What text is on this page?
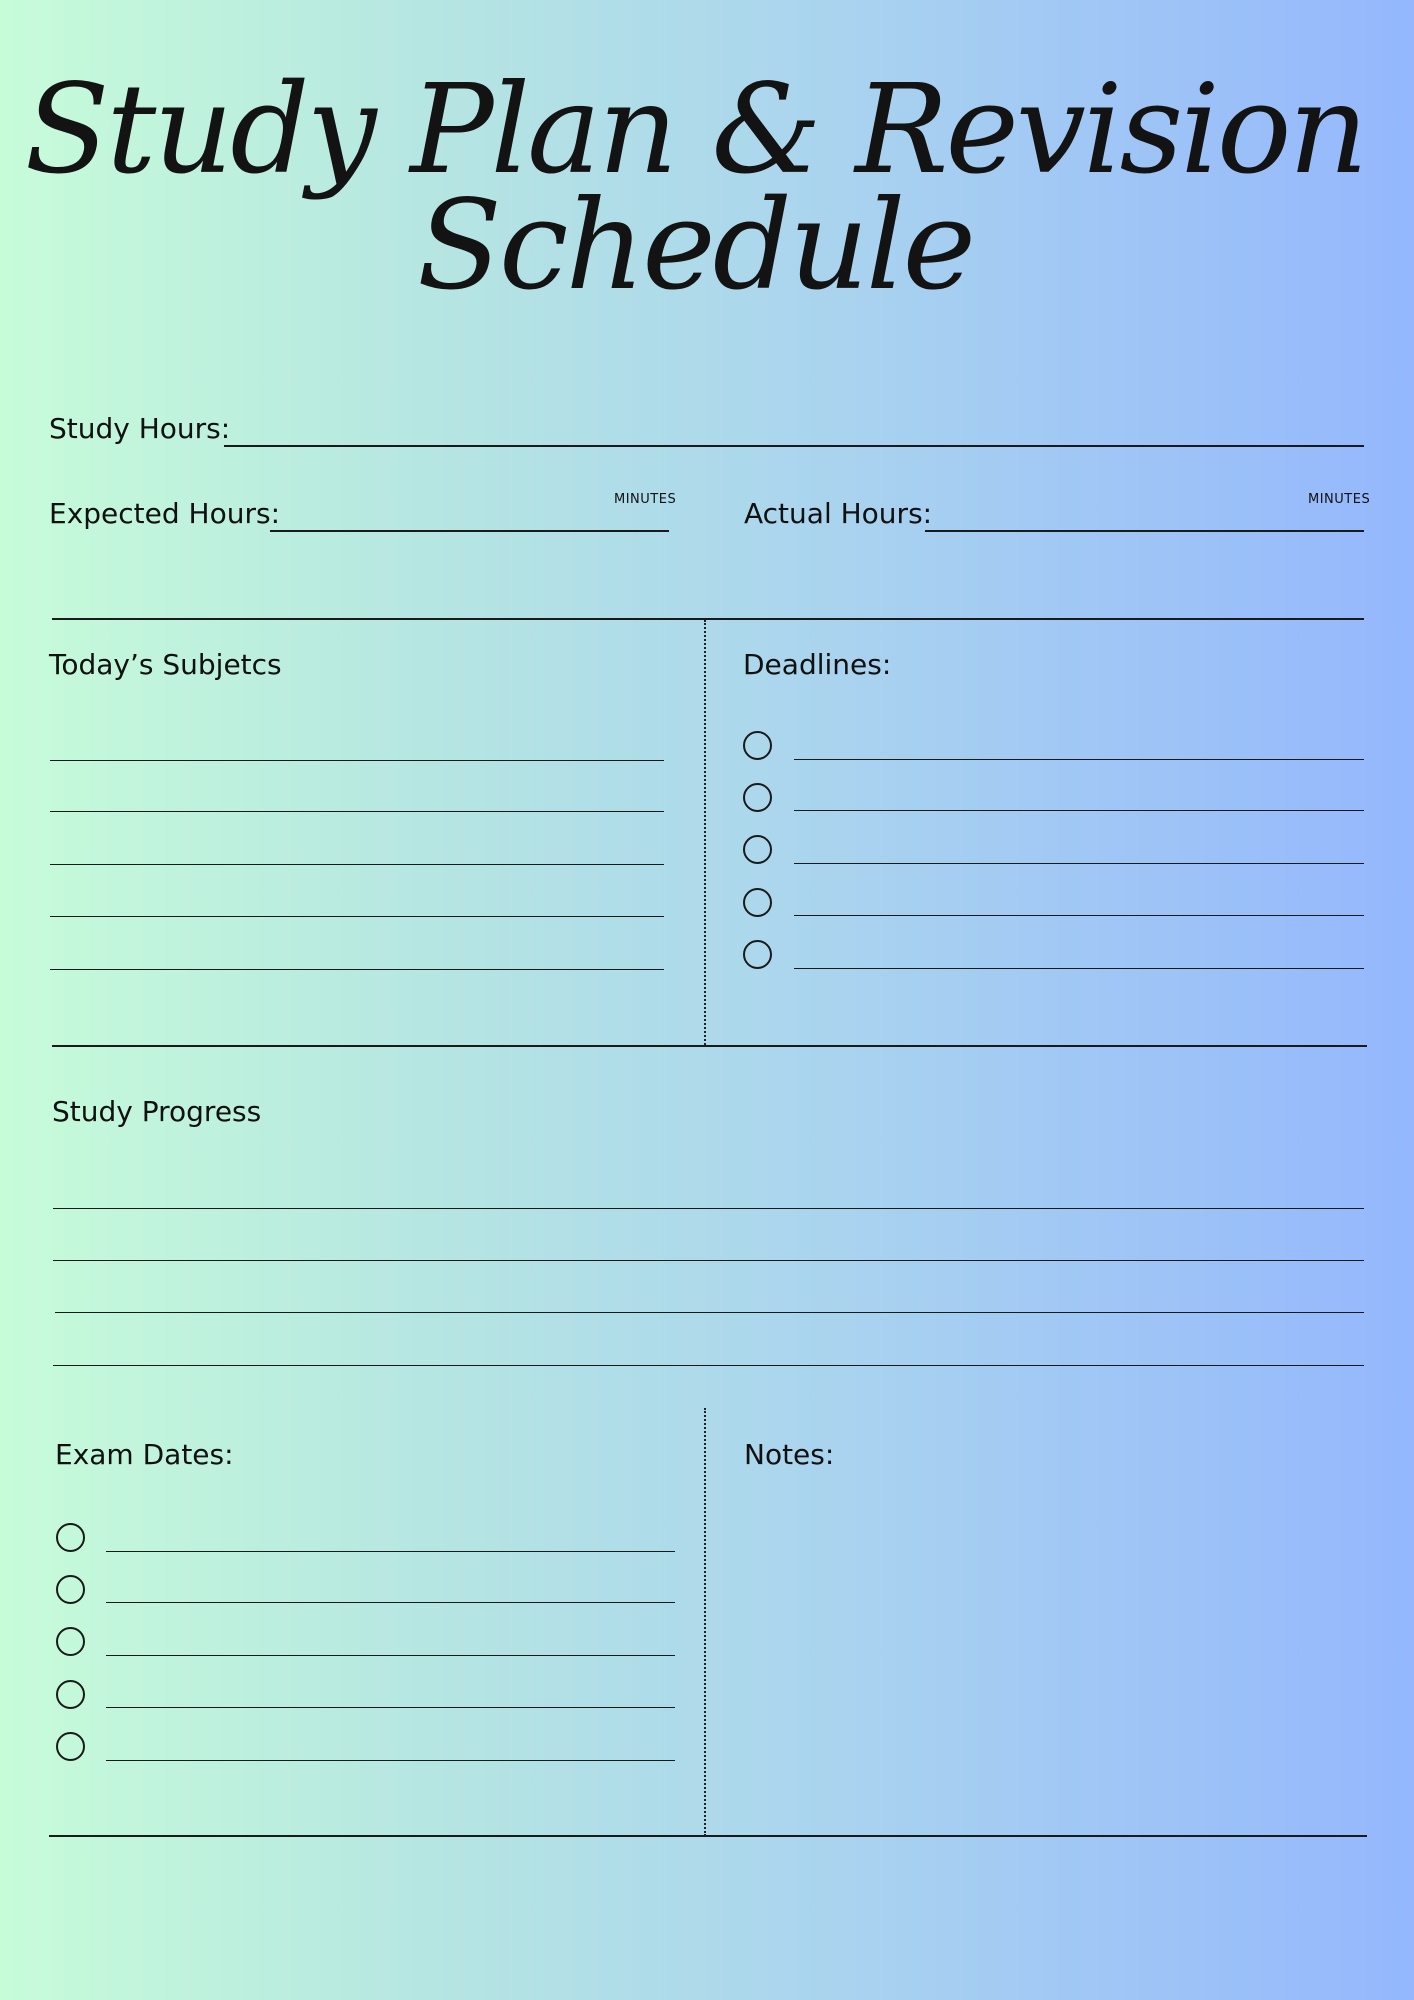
Study Plan & Revision
Schedule
Study Hours:
Expected Hours:	MINUTES Actual Hours:	MINUTES
Today’s Subjetcs	Deadlines:
Study Progress
Exam Dates:	Notes:
